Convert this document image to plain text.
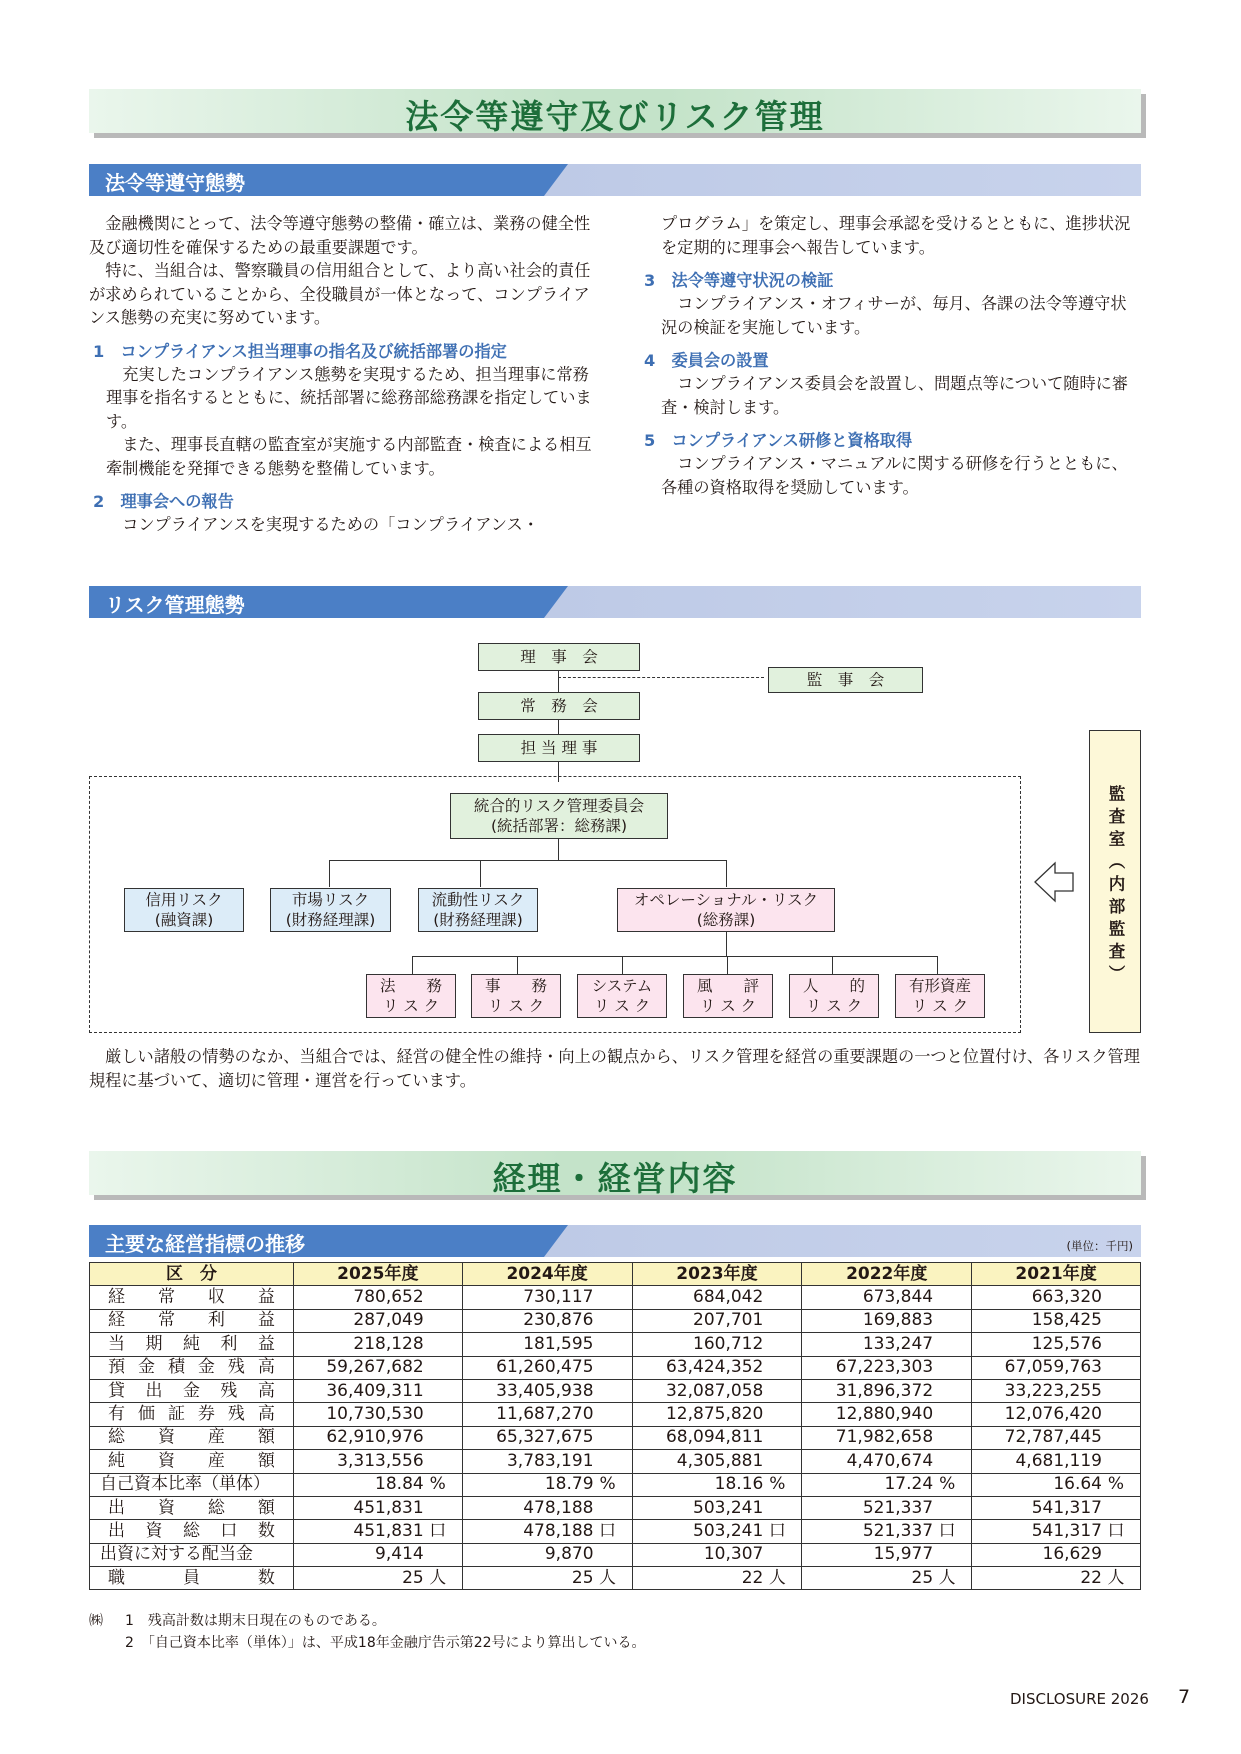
法令等遵守及びリスク管理
法令等遵守態勢

金融機関にとって、法令等遵守態勢の整備・確立は、業務の健全性及び適切性を確保するための最重要課題です。

特に、当組合は、警察職員の信用組合として、より高い社会的責任が求められていることから、全役職員が一体となって、コンプライアンス態勢の充実に努めています。

1　コンプライアンス担当理事の指名及び統括部署の指定

充実したコンプライアンス態勢を実現するため、担当理事に常務理事を指名するとともに、統括部署に総務部総務課を指定しています。

また、理事長直轄の監査室が実施する内部監査・検査による相互牽制機能を発揮できる態勢を整備しています。

2　理事会への報告

コンプライアンスを実現するための「コンプライアンス・

プログラム」を策定し、理事会承認を受けるとともに、進捗状況を定期的に理事会へ報告しています。

3　法令等遵守状況の検証

コンプライアンス・オフィサーが、毎月、各課の法令等遵守状況の検証を実施しています。

4　委員会の設置

コンプライアンス委員会を設置し、問題点等について随時に審査・検討します。

5　コンプライアンス研修と資格取得

コンプライアンス・マニュアルに関する研修を行うとともに、各種の資格取得を奨励しています。

リスク管理態勢
理　事　会
監　事　会
常　務　会
担 当 理 事
統合的リスク管理委員会
(統括部署：総務課)
信用リスク
(融資課)
市場リスク
(財務経理課)
流動性リスク
(財務経理課)
オペレーショナル・リスク
(総務課)
法　　務
リ ス ク
事　　務
リ ス ク
システム
リ ス ク
風　　評
リ ス ク
人　　的
リ ス ク
有形資産
リ ス ク
監査室（内部監査）

厳しい諸般の情勢のなか、当組合では、経営の健全性の維持・向上の観点から、リスク管理を経営の重要課題の一つと位置付け、各リスク管理規程に基づいて、適切に管理・運営を行っています。

経理・経営内容
主要な経営指標の推移	(単位：千円)
区　分	2025年度	2024年度	2023年度	2022年度	2021年度
経常収益	780,652	730,117	684,042	673,844	663,320
経常利益	287,049	230,876	207,701	169,883	158,425
当期純利益	218,128	181,595	160,712	133,247	125,576
預金積金残高	59,267,682	61,260,475	63,424,352	67,223,303	67,059,763
貸出金残高	36,409,311	33,405,938	32,087,058	31,896,372	33,223,255
有価証券残高	10,730,530	11,687,270	12,875,820	12,880,940	12,076,420
総資産額	62,910,976	65,327,675	68,094,811	71,982,658	72,787,445
純資産額	3,313,556	3,783,191	4,305,881	4,470,674	4,681,119
自己資本比率（単体）	18.84 %	18.79 %	18.16 %	17.24 %	16.64 %
出資総額	451,831	478,188	503,241	521,337	541,317
出資総口数	451,831 口	478,188 口	503,241 口	521,337 口	541,317 口
出資に対する配当金	9,414	9,870	10,307	15,977	16,629
職員数	25 人	25 人	22 人	25 人	22 人
㈱ 1　残高計数は期末日現在のものである。
2　「自己資本比率（単体）」は、平成18年金融庁告示第22号により算出している。
DISCLOSURE 2026 7
